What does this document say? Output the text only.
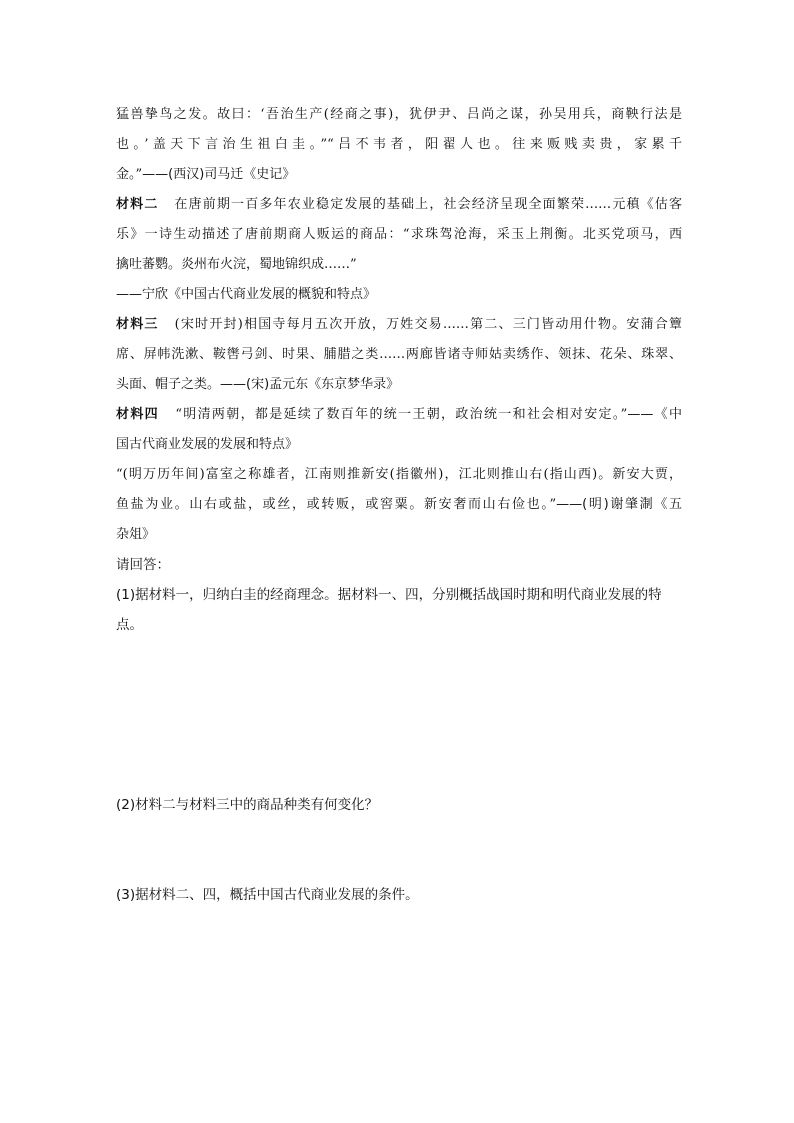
猛兽挚鸟之发。故曰：‘吾治生产(经商之事)，犹伊尹、吕尚之谋，孙吴用兵，商鞅行法是

也。’盖天下言治生祖白圭。”“吕不韦者，阳翟人也。往来贩贱卖贵，家累千

金。”——(西汉)司马迁《史记》

材料二 在唐前期一百多年农业稳定发展的基础上，社会经济呈现全面繁荣……元稹《估客

乐》一诗生动描述了唐前期商人贩运的商品：“求珠驾沧海，采玉上荆衡。北买党项马，西

擒吐蕃鹦。炎州布火浣，蜀地锦织成……”

——宁欣《中国古代商业发展的概貌和特点》

材料三 (宋时开封)相国寺每月五次开放，万姓交易……第二、三门皆动用什物。安蒲合簟

席、屏帏洗漱、鞍辔弓剑、时果、脯腊之类……两廊皆诸寺师姑卖绣作、领抹、花朵、珠翠、

头面、帽子之类。——(宋)孟元东《东京梦华录》

材料四 “明清两朝，都是延续了数百年的统一王朝，政治统一和社会相对安定。”——《中

国古代商业发展的发展和特点》

“(明万历年间)富室之称雄者，江南则推新安(指徽州)，江北则推山右(指山西)。新安大贾，

鱼盐为业。山右或盐，或丝，或转贩，或窖粟。新安奢而山右俭也。”——(明)谢肇淛《五

杂俎》

请回答：

(1)据材料一，归纳白圭的经商理念。据材料一、四，分别概括战国时期和明代商业发展的特

点。

(2)材料二与材料三中的商品种类有何变化？

(3)据材料二、四，概括中国古代商业发展的条件。
